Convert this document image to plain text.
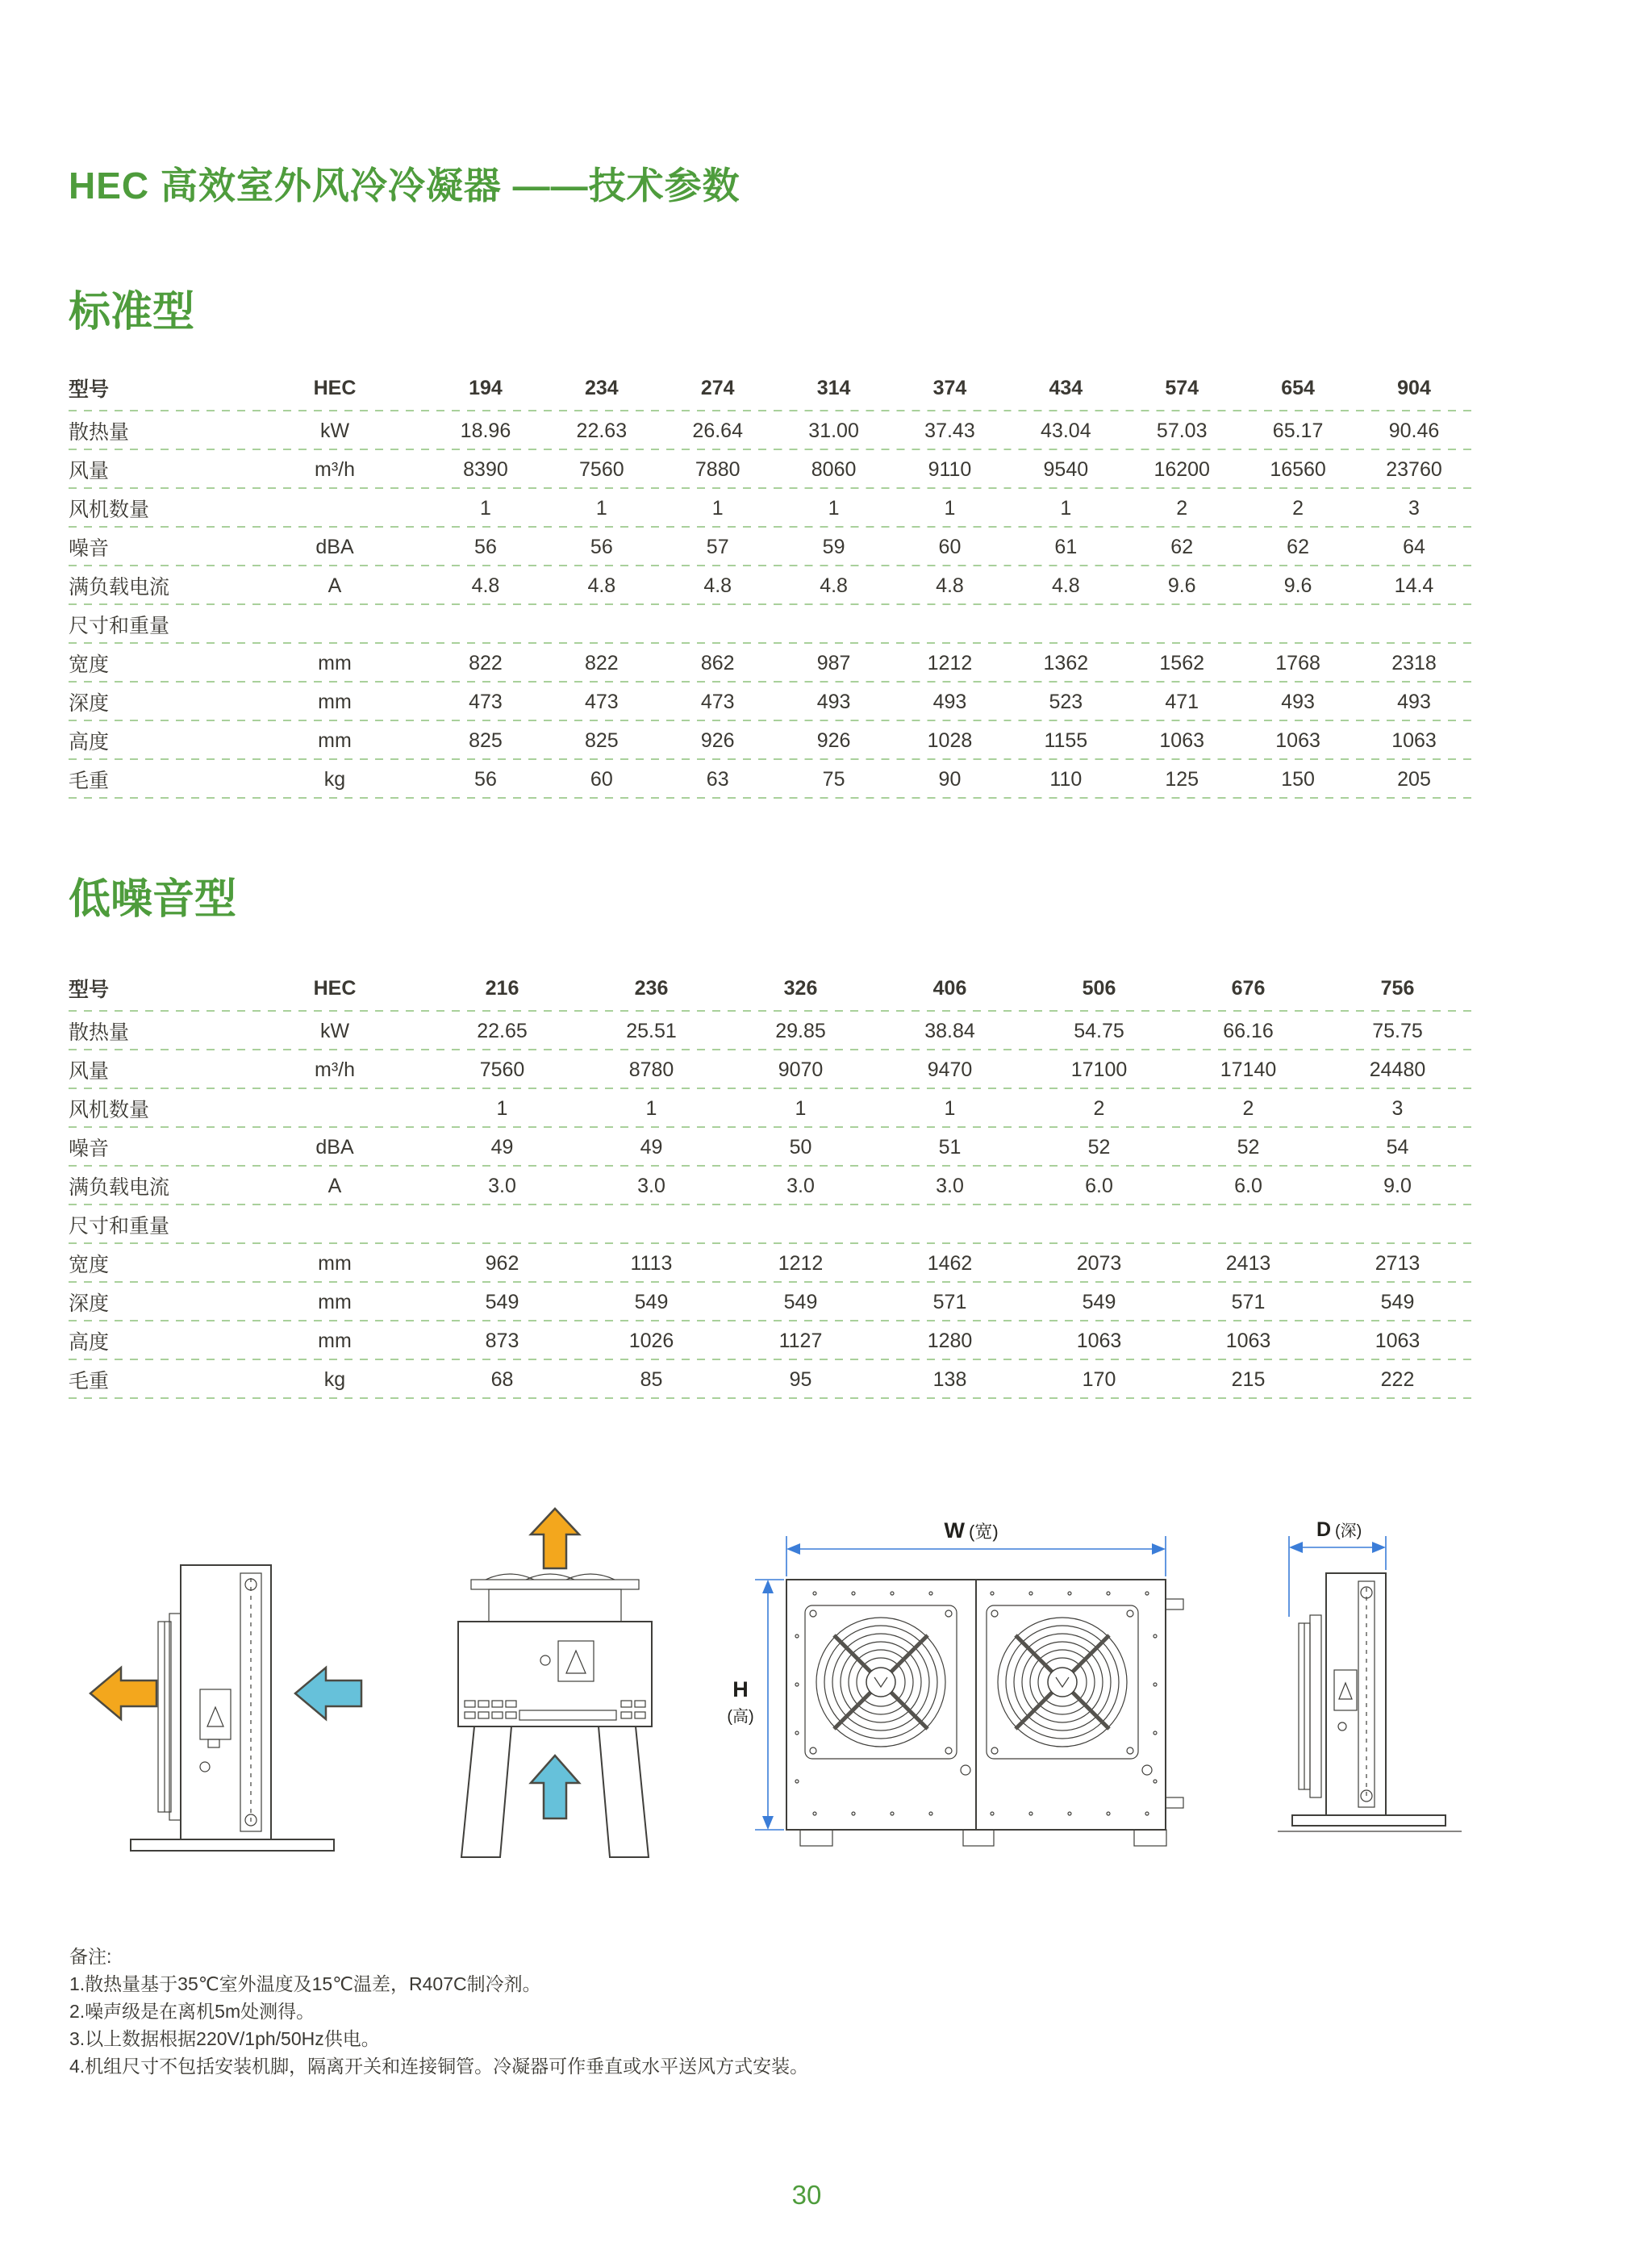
HEC 高效室外风冷冷凝器 ——技术参数
标准型
型号	HEC	194	234	274	314	374	434	574	654	904
散热量	kW	18.96	22.63	26.64	31.00	37.43	43.04	57.03	65.17	90.46
风量	m³/h	8390	7560	7880	8060	9110	9540	16200	16560	23760
风机数量		1	1	1	1	1	1	2	2	3
噪音	dBA	56	56	57	59	60	61	62	62	64
满负载电流	A	4.8	4.8	4.8	4.8	4.8	4.8	9.6	9.6	14.4
尺寸和重量										
宽度	mm	822	822	862	987	1212	1362	1562	1768	2318
深度	mm	473	473	473	493	493	523	471	493	493
高度	mm	825	825	926	926	1028	1155	1063	1063	1063
毛重	kg	56	60	63	75	90	110	125	150	205
低噪音型
型号	HEC	216	236	326	406	506	676	756
散热量	kW	22.65	25.51	29.85	38.84	54.75	66.16	75.75
风量	m³/h	7560	8780	9070	9470	17100	17140	24480
风机数量		1	1	1	1	2	2	3
噪音	dBA	49	49	50	51	52	52	54
满负载电流	A	3.0	3.0	3.0	3.0	6.0	6.0	9.0
尺寸和重量								
宽度	mm	962	1113	1212	1462	2073	2413	2713
深度	mm	549	549	549	571	549	571	549
高度	mm	873	1026	1127	1280	1063	1063	1063
毛重	kg	68	85	95	138	170	215	222
W (宽)
H
(高)
D (深)
备注:
1.散热量基于35℃室外温度及15℃温差，R407C制冷剂。
2.噪声级是在离机5m处测得。
3.以上数据根据220V/1ph/50Hz供电。
4.机组尺寸不包括安装机脚，隔离开关和连接铜管。冷凝器可作垂直或水平送风方式安装。
30
